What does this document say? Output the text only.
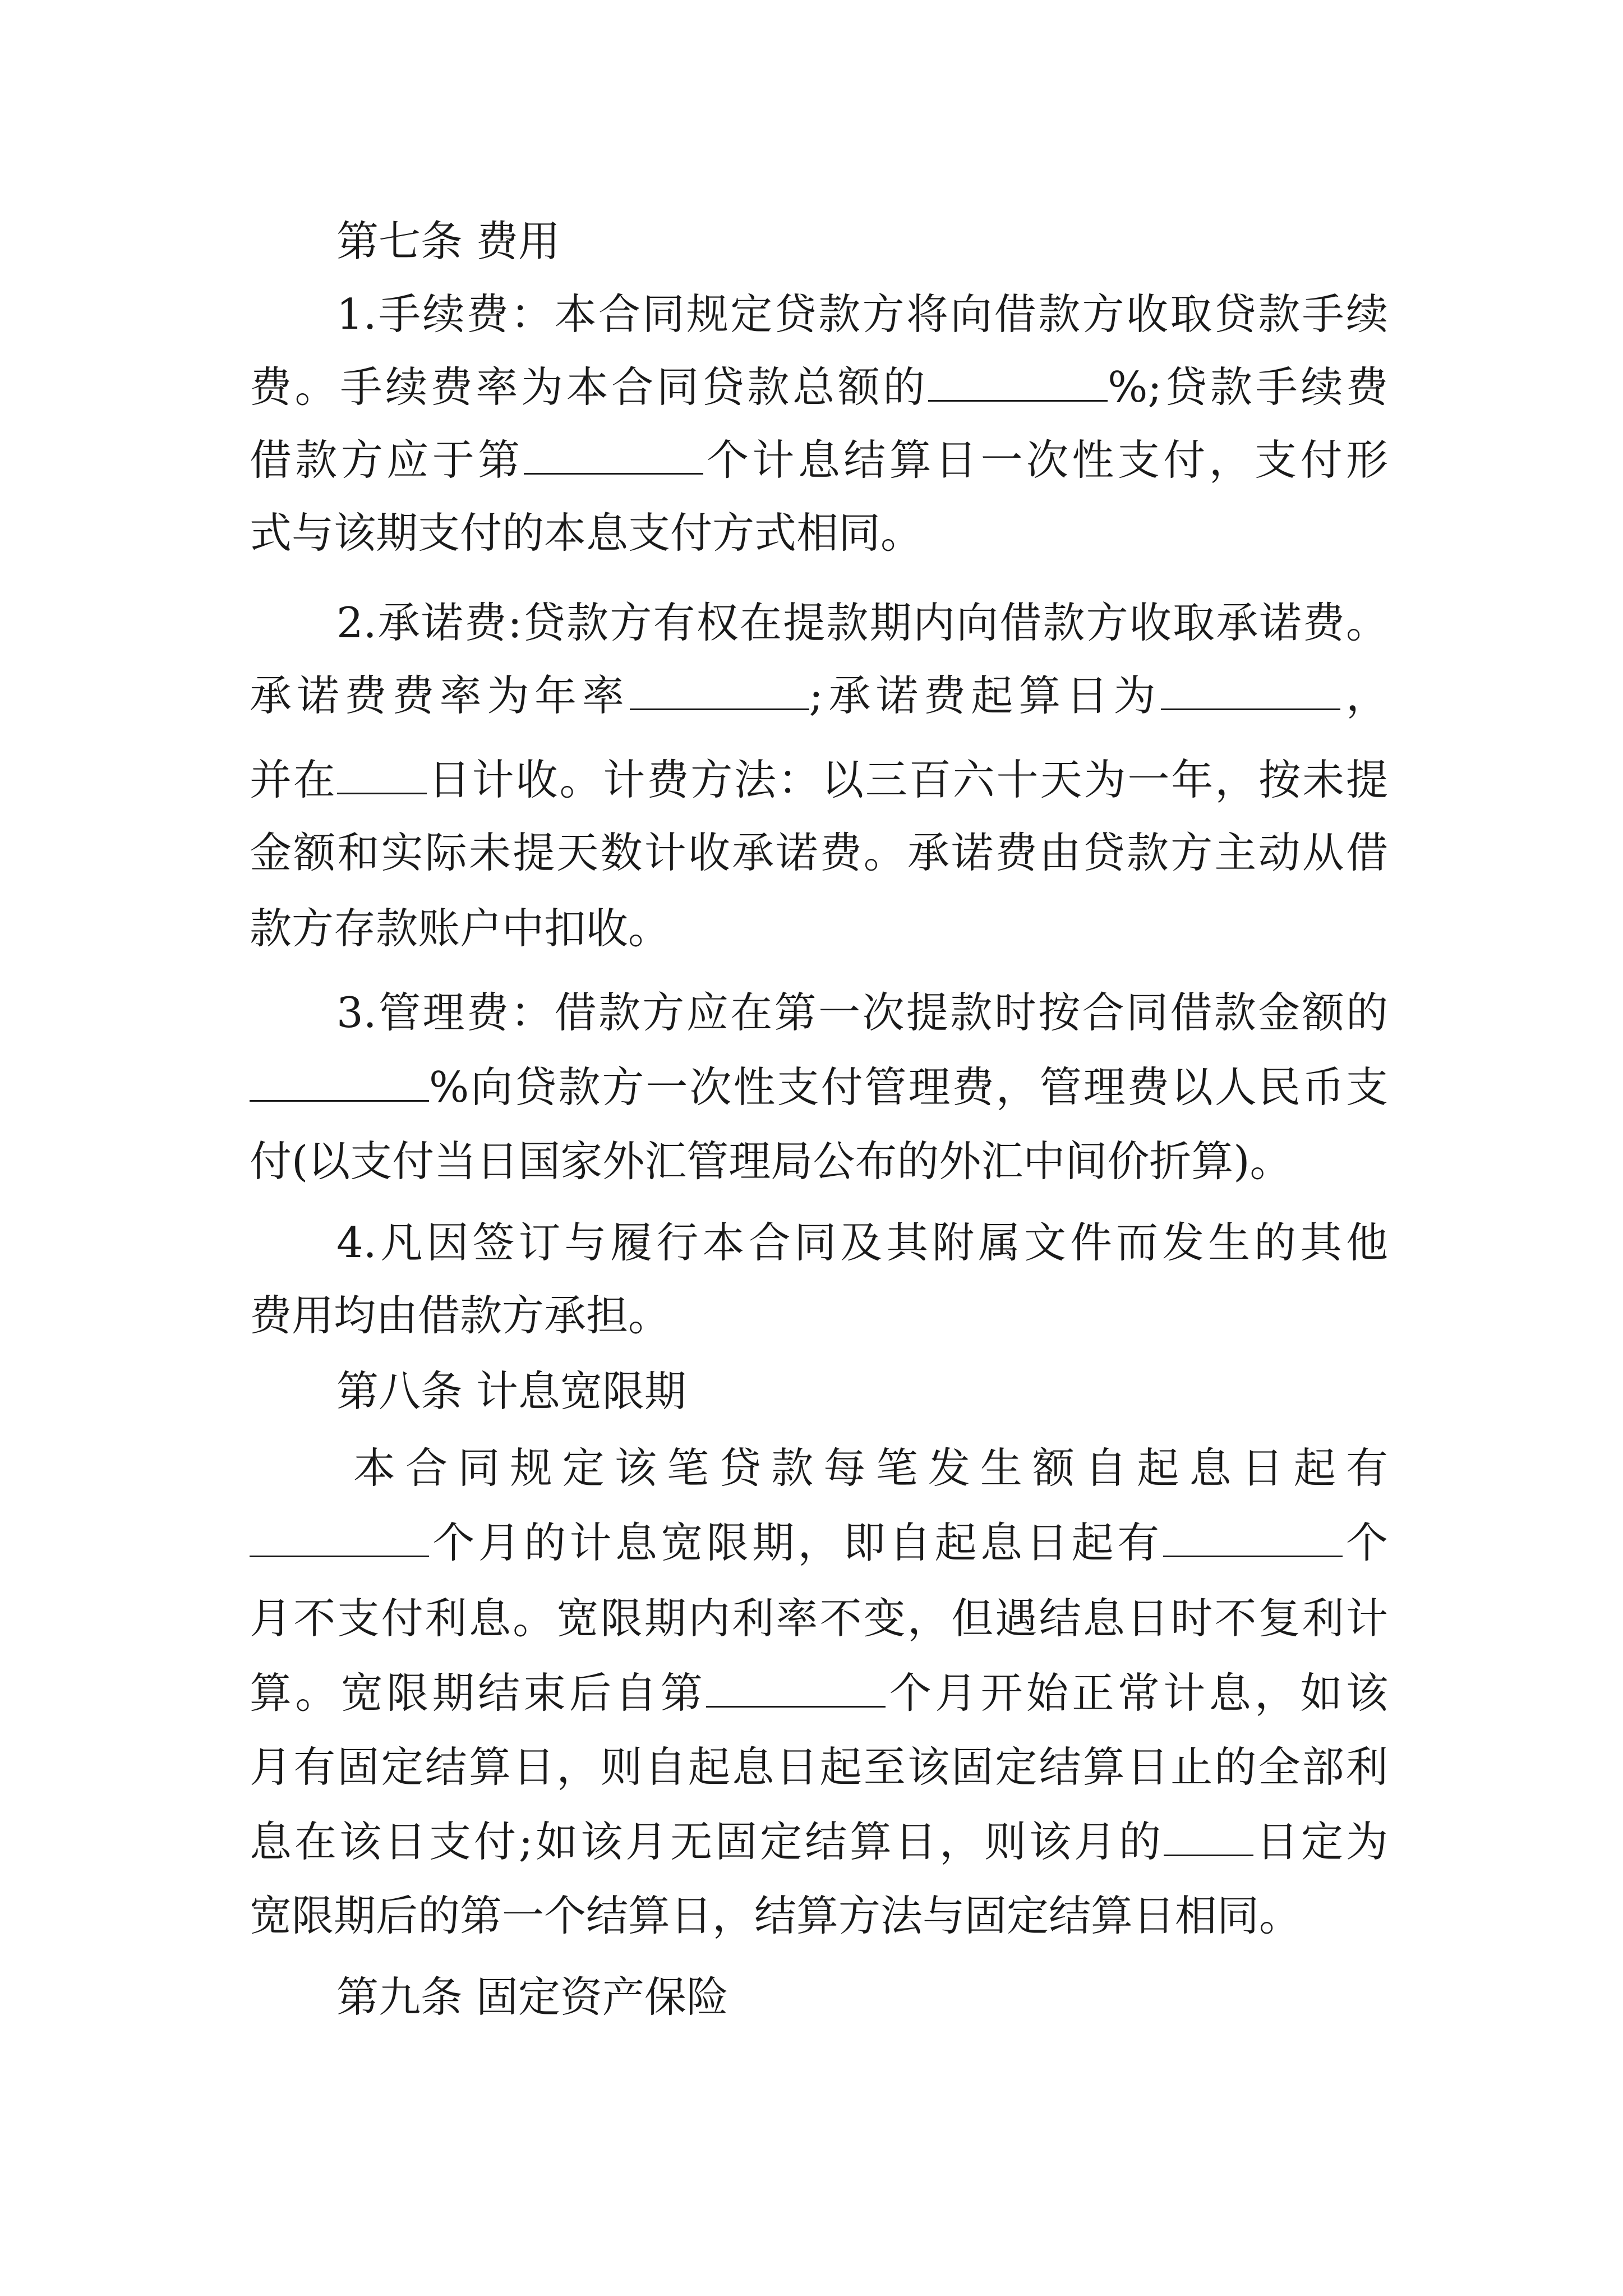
第七条 费用
1.手续费：本合同规定贷款方将向借款方收取贷款手续
费。手续费率为本合同贷款总额的	%;贷款手续费
借款方应于第	个计息结算日一次性支付，支付形
式与该期支付的本息支付方式相同。
2.承诺费:贷款方有权在提款期内向借款方收取承诺费。
承诺费费率为年率	;承诺费起算日为	，
并在 日计收。计费方法：以三百六十天为一年，按未提
金额和实际未提天数计收承诺费。承诺费由贷款方主动从借
款方存款账户中扣收。
3.管理费：借款方应在第一次提款时按合同借款金额的
%向贷款方一次性支付管理费，管理费以人民币支
付(以支付当日国家外汇管理局公布的外汇中间价折算)。
4.凡因签订与履行本合同及其附属文件而发生的其他
费用均由借款方承担。
第八条 计息宽限期
本合同规定该笔贷款每笔发生额自起息日起有
个月的计息宽限期，即自起息日起有	个
月不支付利息。宽限期内利率不变，但遇结息日时不复利计
算。宽限期结束后自第	个月开始正常计息，如该
月有固定结算日，则自起息日起至该固定结算日止的全部利
息在该日支付;如该月无固定结算日，则该月的 日定为
宽限期后的第一个结算日，结算方法与固定结算日相同。
第九条 固定资产保险
